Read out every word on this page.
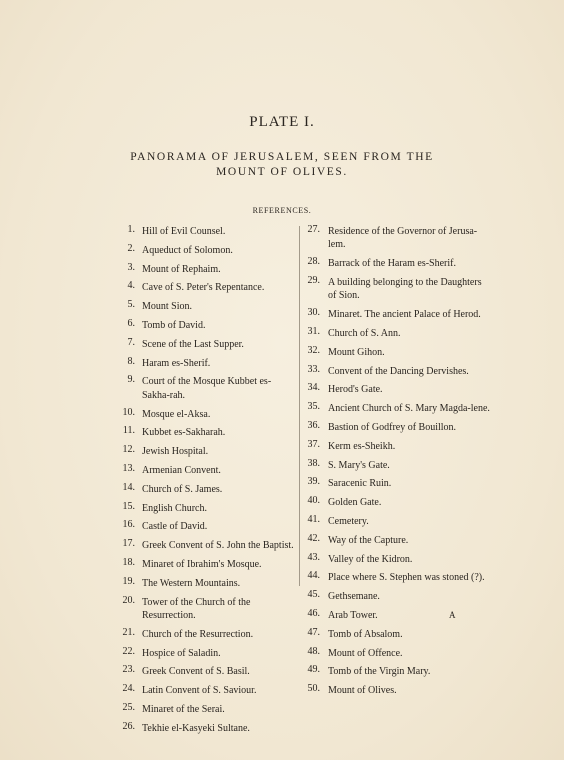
PLATE I.
PANORAMA OF JERUSALEM, SEEN FROM THE
MOUNT OF OLIVES.
REFERENCES.
1. Hill of Evil Counsel.
2. Aqueduct of Solomon.
3. Mount of Rephaim.
4. Cave of S. Peter's Repentance.
5. Mount Sion.
6. Tomb of David.
7. Scene of the Last Supper.
8. Haram es-Sherif.
9. Court of the Mosque Kubbet es-Sakha-rah.
10. Mosque el-Aksa.
11. Kubbet es-Sakharah.
12. Jewish Hospital.
13. Armenian Convent.
14. Church of S. James.
15. English Church.
16. Castle of David.
17. Greek Convent of S. John the Baptist.
18. Minaret of Ibrahim's Mosque.
19. The Western Mountains.
20. Tower of the Church of the Resurrection.
21. Church of the Resurrection.
22. Hospice of Saladin.
23. Greek Convent of S. Basil.
24. Latin Convent of S. Saviour.
25. Minaret of the Serai.
26. Tekhie el-Kasyeki Sultane.
27. Residence of the Governor of Jerusa-lem.
28. Barrack of the Haram es-Sherif.
29. A building belonging to the Daughters of Sion.
30. Minaret. The ancient Palace of Herod.
31. Church of S. Ann.
32. Mount Gihon.
33. Convent of the Dancing Dervishes.
34. Herod's Gate.
35. Ancient Church of S. Mary Magda-lene.
36. Bastion of Godfrey of Bouillon.
37. Kerm es-Sheikh.
38. S. Mary's Gate.
39. Saracenic Ruin.
40. Golden Gate.
41. Cemetery.
42. Way of the Capture.
43. Valley of the Kidron.
44. Place where S. Stephen was stoned (?).
45. Gethsemane.
46. Arab Tower.
47. Tomb of Absalom.
48. Mount of Offence.
49. Tomb of the Virgin Mary.
50. Mount of Olives.
A
